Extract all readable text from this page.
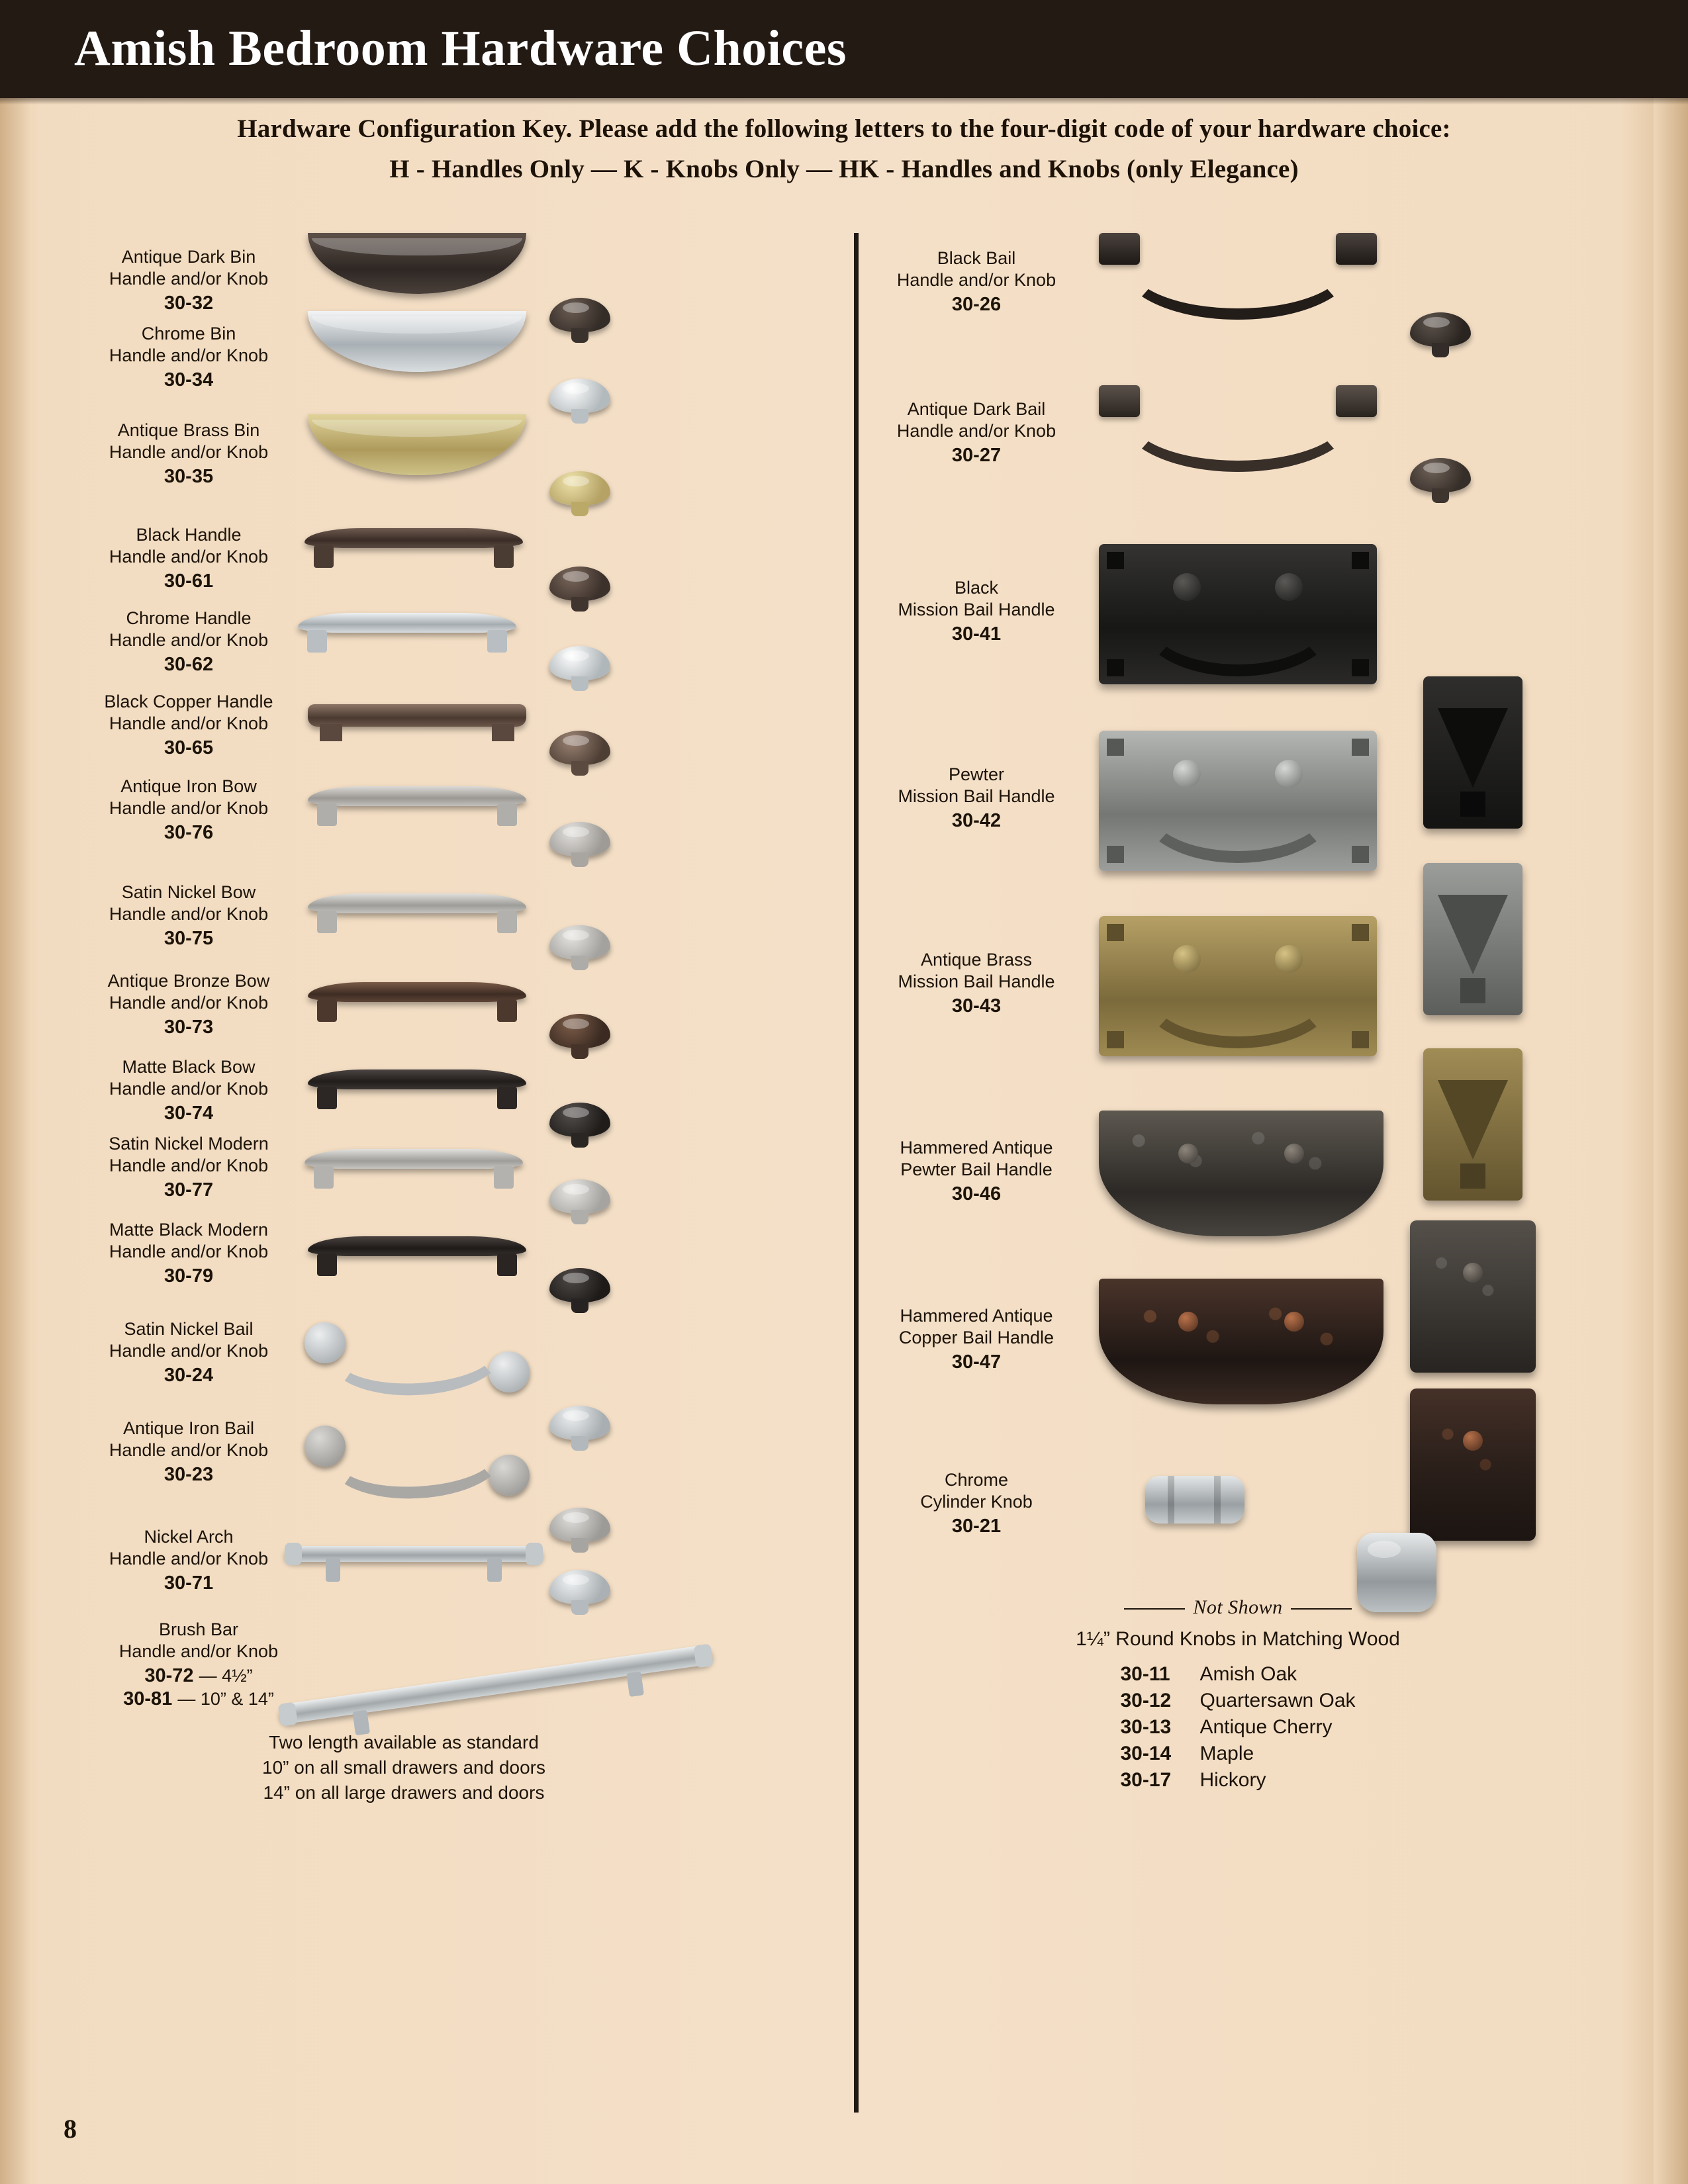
Amish Bedroom Hardware Choices
Hardware Configuration Key. Please add the following letters to the four-digit code of your hardware choice:
H - Handles Only — K - Knobs Only — HK - Handles and Knobs (only Elegance)
Antique Dark Bin
Handle and/or Knob
30-32
Chrome Bin
Handle and/or Knob
30-34
Antique Brass Bin
Handle and/or Knob
30-35
Black Handle
Handle and/or Knob
30-61
Chrome Handle
Handle and/or Knob
30-62
Black Copper Handle
Handle and/or Knob
30-65
Antique Iron Bow
Handle and/or Knob
30-76
Satin Nickel Bow
Handle and/or Knob
30-75
Antique Bronze Bow
Handle and/or Knob
30-73
Matte Black Bow
Handle and/or Knob
30-74
Satin Nickel Modern
Handle and/or Knob
30-77
Matte Black Modern
Handle and/or Knob
30-79
Satin Nickel Bail
Handle and/or Knob
30-24
Antique Iron Bail
Handle and/or Knob
30-23
Nickel Arch
Handle and/or Knob
30-71
Brush Bar
Handle and/or Knob
30-72 — 4½”
30-81 — 10” & 14”
Two length available as standard
10” on all small drawers and doors
14” on all large drawers and doors
Black Bail
Handle and/or Knob
30-26
Antique Dark Bail
Handle and/or Knob
30-27
Black
Mission Bail Handle
30-41
Pewter
Mission Bail Handle
30-42
Antique Brass
Mission Bail Handle
30-43
Hammered Antique
Pewter Bail Handle
30-46
Hammered Antique
Copper Bail Handle
30-47
Chrome
Cylinder Knob
30-21
Not Shown
1¼” Round Knobs in Matching Wood
30-11 Amish Oak
30-12 Quartersawn Oak
30-13 Antique Cherry
30-14 Maple
30-17 Hickory
8
